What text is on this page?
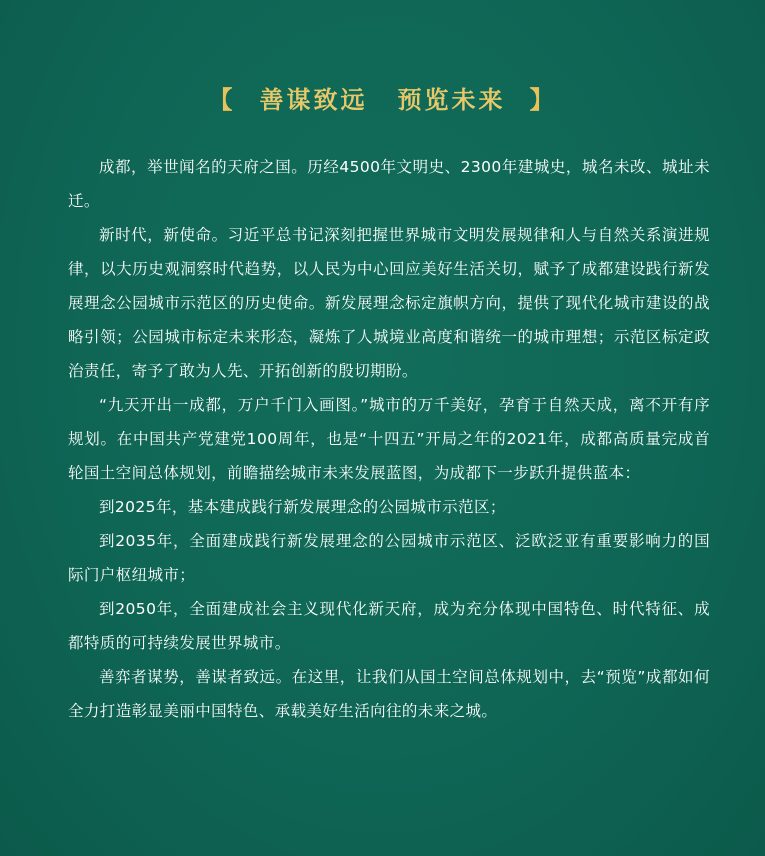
【 善谋致远 预览未来 】

成都，举世闻名的天府之国。历经4500年文明史、2300年建城史，城名未改、城址未迁。

新时代，新使命。习近平总书记深刻把握世界城市文明发展规律和人与自然关系演进规律，以大历史观洞察时代趋势，以人民为中心回应美好生活关切，赋予了成都建设践行新发展理念公园城市示范区的历史使命。新发展理念标定旗帜方向，提供了现代化城市建设的战略引领；公园城市标定未来形态，凝炼了人城境业高度和谐统一的城市理想；示范区标定政治责任，寄予了敢为人先、开拓创新的殷切期盼。

“九天开出一成都，万户千门入画图。”城市的万千美好，孕育于自然天成，离不开有序规划。在中国共产党建党100周年，也是“十四五”开局之年的2021年，成都高质量完成首轮国土空间总体规划，前瞻描绘城市未来发展蓝图，为成都下一步跃升提供蓝本：

到2025年，基本建成践行新发展理念的公园城市示范区；

到2035年，全面建成践行新发展理念的公园城市示范区、泛欧泛亚有重要影响力的国际门户枢纽城市；

到2050年，全面建成社会主义现代化新天府，成为充分体现中国特色、时代特征、成都特质的可持续发展世界城市。

善弈者谋势，善谋者致远。在这里，让我们从国土空间总体规划中，去“预览”成都如何全力打造彰显美丽中国特色、承载美好生活向往的未来之城。
